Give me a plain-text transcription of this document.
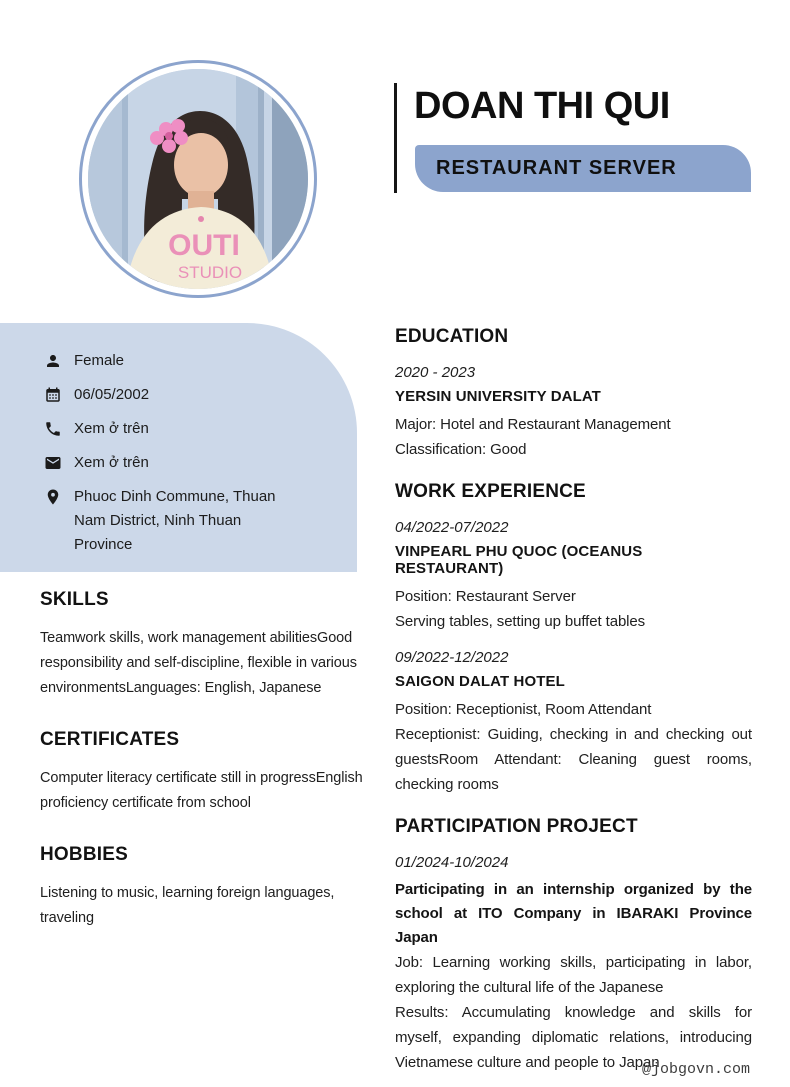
OUTI
STUDIO
DOAN THI QUI
RESTAURANT SERVER
Female
06/05/2002
Xem ở trên
Xem ở trên
Phuoc Dinh Commune, Thuan Nam District, Ninh Thuan Province
SKILLS

Teamwork skills, work management abilitiesGood responsibility and self-discipline, flexible in various environmentsLanguages: English, Japanese

CERTIFICATES

Computer literacy certificate still in progressEnglish proficiency certificate from school

HOBBIES

Listening to music, learning foreign languages, traveling

EDUCATION
2020 - 2023
YERSIN UNIVERSITY DALAT
Major: Hotel and Restaurant Management
Classification: Good
WORK EXPERIENCE
04/2022-07/2022
VINPEARL PHU QUOC (OCEANUS RESTAURANT)
Position: Restaurant Server
Serving tables, setting up buffet tables
09/2022-12/2022
SAIGON DALAT HOTEL
Position: Receptionist, Room Attendant
Receptionist: Guiding, checking in and checking out guestsRoom Attendant: Cleaning guest rooms, checking rooms
PARTICIPATION PROJECT
01/2024-10/2024
Participating in an internship organized by the school at ITO Company in IBARAKI Province Japan
Job: Learning working skills, participating in labor, exploring the cultural life of the Japanese
Results: Accumulating knowledge and skills for myself, expanding diplomatic relations, introducing Vietnamese culture and people to Japan
@jobgovn.com
